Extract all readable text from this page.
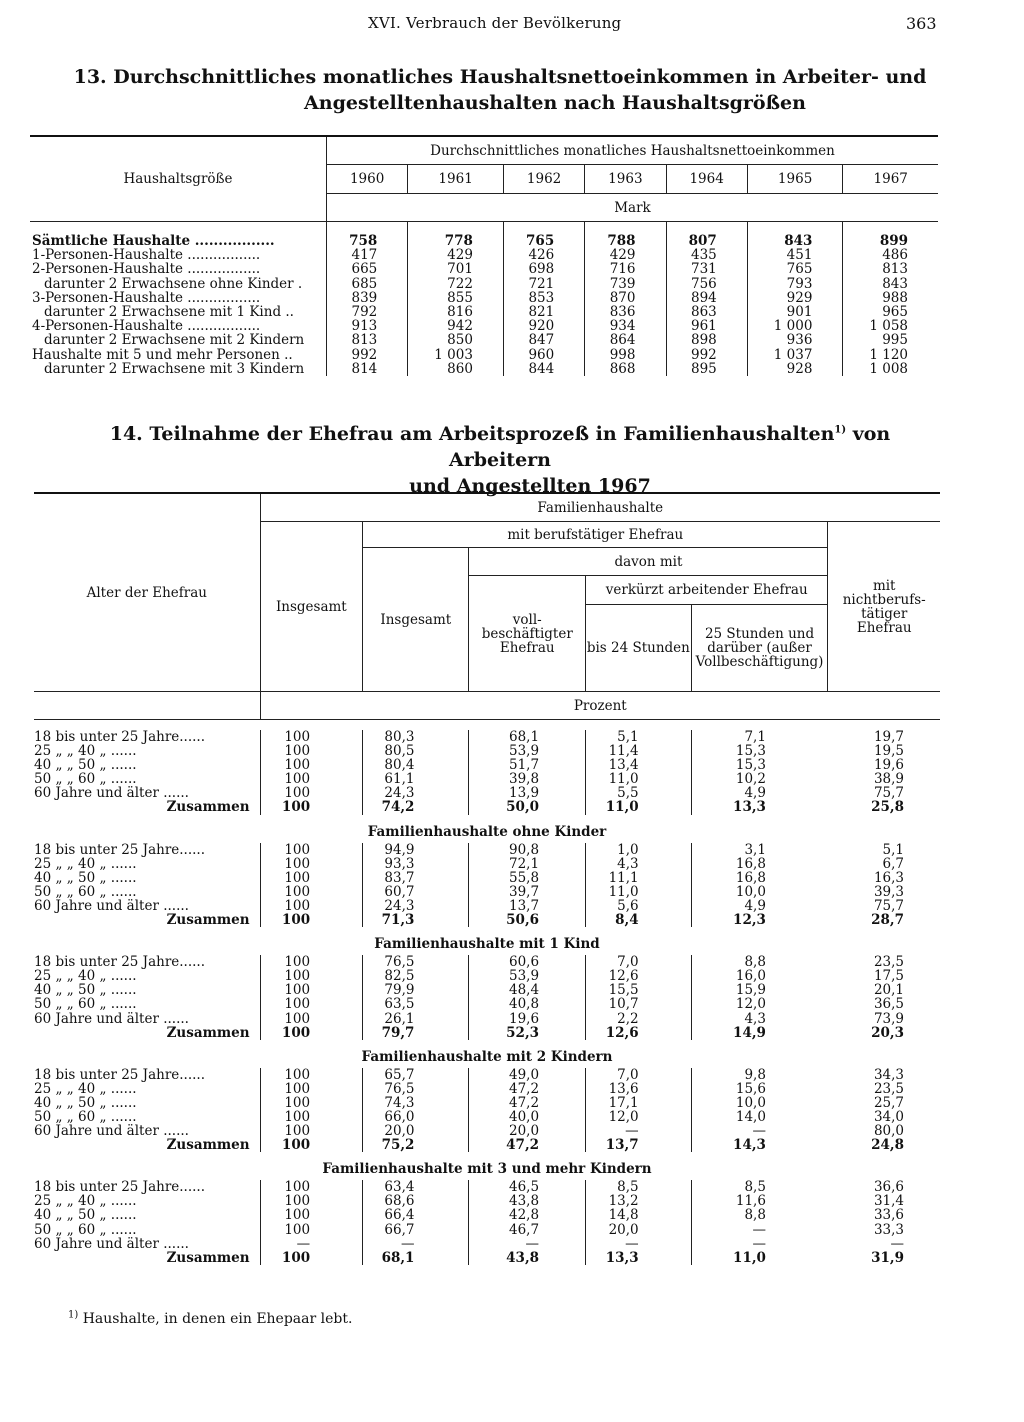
XVI. Verbrauch der Bevölkerung	363
13. Durchschnittliches monatliches Haushaltsnettoeinkommen in Arbeiter- und
Angestelltenhaushalten nach Haushaltsgrößen
Haushaltsgröße	Durchschnittliches monatliches Haushaltsnettoeinkommen						
	1960	1961	1962	1963	1964	1965	1967
	Mark						
Sämtliche Haushalte .................	758	778	765	788	807	843	899
1-Personen-Haushalte .................	417	429	426	429	435	451	486
2-Personen-Haushalte .................	665	701	698	716	731	765	813
darunter 2 Erwachsene ohne Kinder .	685	722	721	739	756	793	843
3-Personen-Haushalte .................	839	855	853	870	894	929	988
darunter 2 Erwachsene mit 1 Kind ..	792	816	821	836	863	901	965
4-Personen-Haushalte .................	913	942	920	934	961	1 000	1 058
darunter 2 Erwachsene mit 2 Kindern	813	850	847	864	898	936	995
Haushalte mit 5 und mehr Personen ..	992	1 003	960	998	992	1 037	1 120
darunter 2 Erwachsene mit 3 Kindern	814	860	844	868	895	928	1 008
14. Teilnahme der Ehefrau am Arbeitsprozeß in Familienhaushalten$^{1)}$ von Arbeitern
und Angestellten 1967
Alter der Ehefrau	Familienhaushalte					
	Insgesamt	mit berufstätiger Ehefrau				mit nichtberufs-tätiger Ehefrau
		Insgesamt	davon mit			
			voll-beschäftigter Ehefrau	verkürzt arbeitender Ehefrau		
				bis 24 Stunden	25 Stunden und darüber (außer Vollbeschäftigung)	
	Prozent					

18 bis unter 25 Jahre......	100	80,3	68,1	5,1	7,1	19,7
25 „ „ 40 „ ......	100	80,5	53,9	11,4	15,3	19,5
40 „ „ 50 „ ......	100	80,4	51,7	13,4	15,3	19,6
50 „ „ 60 „ ......	100	61,1	39,8	11,0	10,2	38,9
60 Jahre und älter ......	100	24,3	13,9	5,5	4,9	75,7
Zusammen	100	74,2	50,0	11,0	13,3	25,8
Familienhaushalte ohne Kinder						
18 bis unter 25 Jahre......	100	94,9	90,8	1,0	3,1	5,1
25 „ „ 40 „ ......	100	93,3	72,1	4,3	16,8	6,7
40 „ „ 50 „ ......	100	83,7	55,8	11,1	16,8	16,3
50 „ „ 60 „ ......	100	60,7	39,7	11,0	10,0	39,3
60 Jahre und älter ......	100	24,3	13,7	5,6	4,9	75,7
Zusammen	100	71,3	50,6	8,4	12,3	28,7
Familienhaushalte mit 1 Kind						
18 bis unter 25 Jahre......	100	76,5	60,6	7,0	8,8	23,5
25 „ „ 40 „ ......	100	82,5	53,9	12,6	16,0	17,5
40 „ „ 50 „ ......	100	79,9	48,4	15,5	15,9	20,1
50 „ „ 60 „ ......	100	63,5	40,8	10,7	12,0	36,5
60 Jahre und älter ......	100	26,1	19,6	2,2	4,3	73,9
Zusammen	100	79,7	52,3	12,6	14,9	20,3
Familienhaushalte mit 2 Kindern						
18 bis unter 25 Jahre......	100	65,7	49,0	7,0	9,8	34,3
25 „ „ 40 „ ......	100	76,5	47,2	13,6	15,6	23,5
40 „ „ 50 „ ......	100	74,3	47,2	17,1	10,0	25,7
50 „ „ 60 „ ......	100	66,0	40,0	12,0	14,0	34,0
60 Jahre und älter ......	100	20,0	20,0	—	—	80,0
Zusammen	100	75,2	47,2	13,7	14,3	24,8
Familienhaushalte mit 3 und mehr Kindern						
18 bis unter 25 Jahre......	100	63,4	46,5	8,5	8,5	36,6
25 „ „ 40 „ ......	100	68,6	43,8	13,2	11,6	31,4
40 „ „ 50 „ ......	100	66,4	42,8	14,8	8,8	33,6
50 „ „ 60 „ ......	100	66,7	46,7	20,0	—	33,3
60 Jahre und älter ......	—	—	—	—	—	—
Zusammen	100	68,1	43,8	13,3	11,0	31,9
$^{1)}$ Haushalte, in denen ein Ehepaar lebt.
